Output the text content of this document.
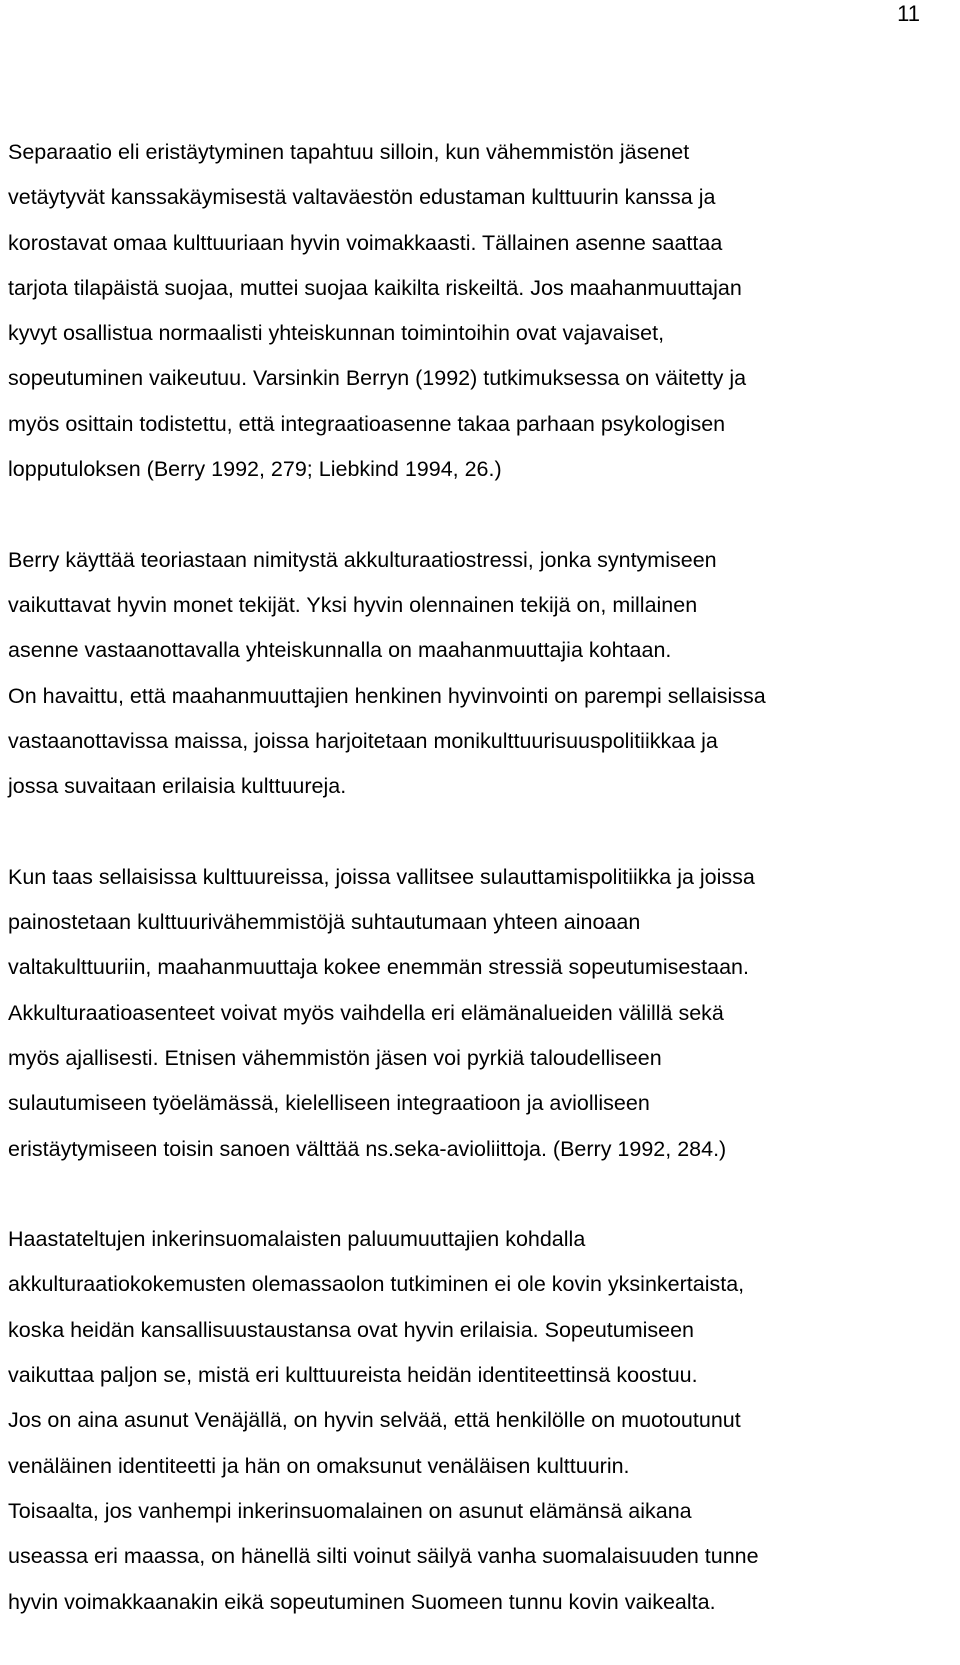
11
Separaatio eli eristäytyminen tapahtuu silloin, kun vähemmistön jäsenet
vetäytyvät kanssakäymisestä valtaväestön edustaman kulttuurin kanssa ja
korostavat omaa kulttuuriaan hyvin voimakkaasti. Tällainen asenne saattaa
tarjota tilapäistä suojaa, muttei suojaa kaikilta riskeiltä. Jos maahanmuuttajan
kyvyt osallistua normaalisti yhteiskunnan toimintoihin ovat vajavaiset,
sopeutuminen vaikeutuu. Varsinkin Berryn (1992) tutkimuksessa on väitetty ja
myös osittain todistettu, että integraatioasenne takaa parhaan psykologisen
lopputuloksen (Berry 1992, 279; Liebkind 1994, 26.)
Berry käyttää teoriastaan nimitystä akkulturaatiostressi, jonka syntymiseen
vaikuttavat hyvin monet tekijät. Yksi hyvin olennainen tekijä on, millainen
asenne vastaanottavalla yhteiskunnalla on maahanmuuttajia kohtaan.
On havaittu, että maahanmuuttajien henkinen hyvinvointi on parempi sellaisissa
vastaanottavissa maissa, joissa harjoitetaan monikulttuurisuuspolitiikkaa ja
jossa suvaitaan erilaisia kulttuureja.
Kun taas sellaisissa kulttuureissa, joissa vallitsee sulauttamispolitiikka ja joissa
painostetaan kulttuurivähemmistöjä suhtautumaan yhteen ainoaan
valtakulttuuriin, maahanmuuttaja kokee enemmän stressiä sopeutumisestaan.
Akkulturaatioasenteet voivat myös vaihdella eri elämänalueiden välillä sekä
myös ajallisesti. Etnisen vähemmistön jäsen voi pyrkiä taloudelliseen
sulautumiseen työelämässä, kielelliseen integraatioon ja aviolliseen
eristäytymiseen toisin sanoen välttää ns.seka-avioliittoja. (Berry 1992, 284.)
Haastateltujen inkerinsuomalaisten paluumuuttajien kohdalla
akkulturaatiokokemusten olemassaolon tutkiminen ei ole kovin yksinkertaista,
koska heidän kansallisuustaustansa ovat hyvin erilaisia. Sopeutumiseen
vaikuttaa paljon se, mistä eri kulttuureista heidän identiteettinsä koostuu.
Jos on aina asunut Venäjällä, on hyvin selvää, että henkilölle on muotoutunut
venäläinen identiteetti ja hän on omaksunut venäläisen kulttuurin.
Toisaalta, jos vanhempi inkerinsuomalainen on asunut elämänsä aikana
useassa eri maassa, on hänellä silti voinut säilyä vanha suomalaisuuden tunne
hyvin voimakkaanakin eikä sopeutuminen Suomeen tunnu kovin vaikealta.
